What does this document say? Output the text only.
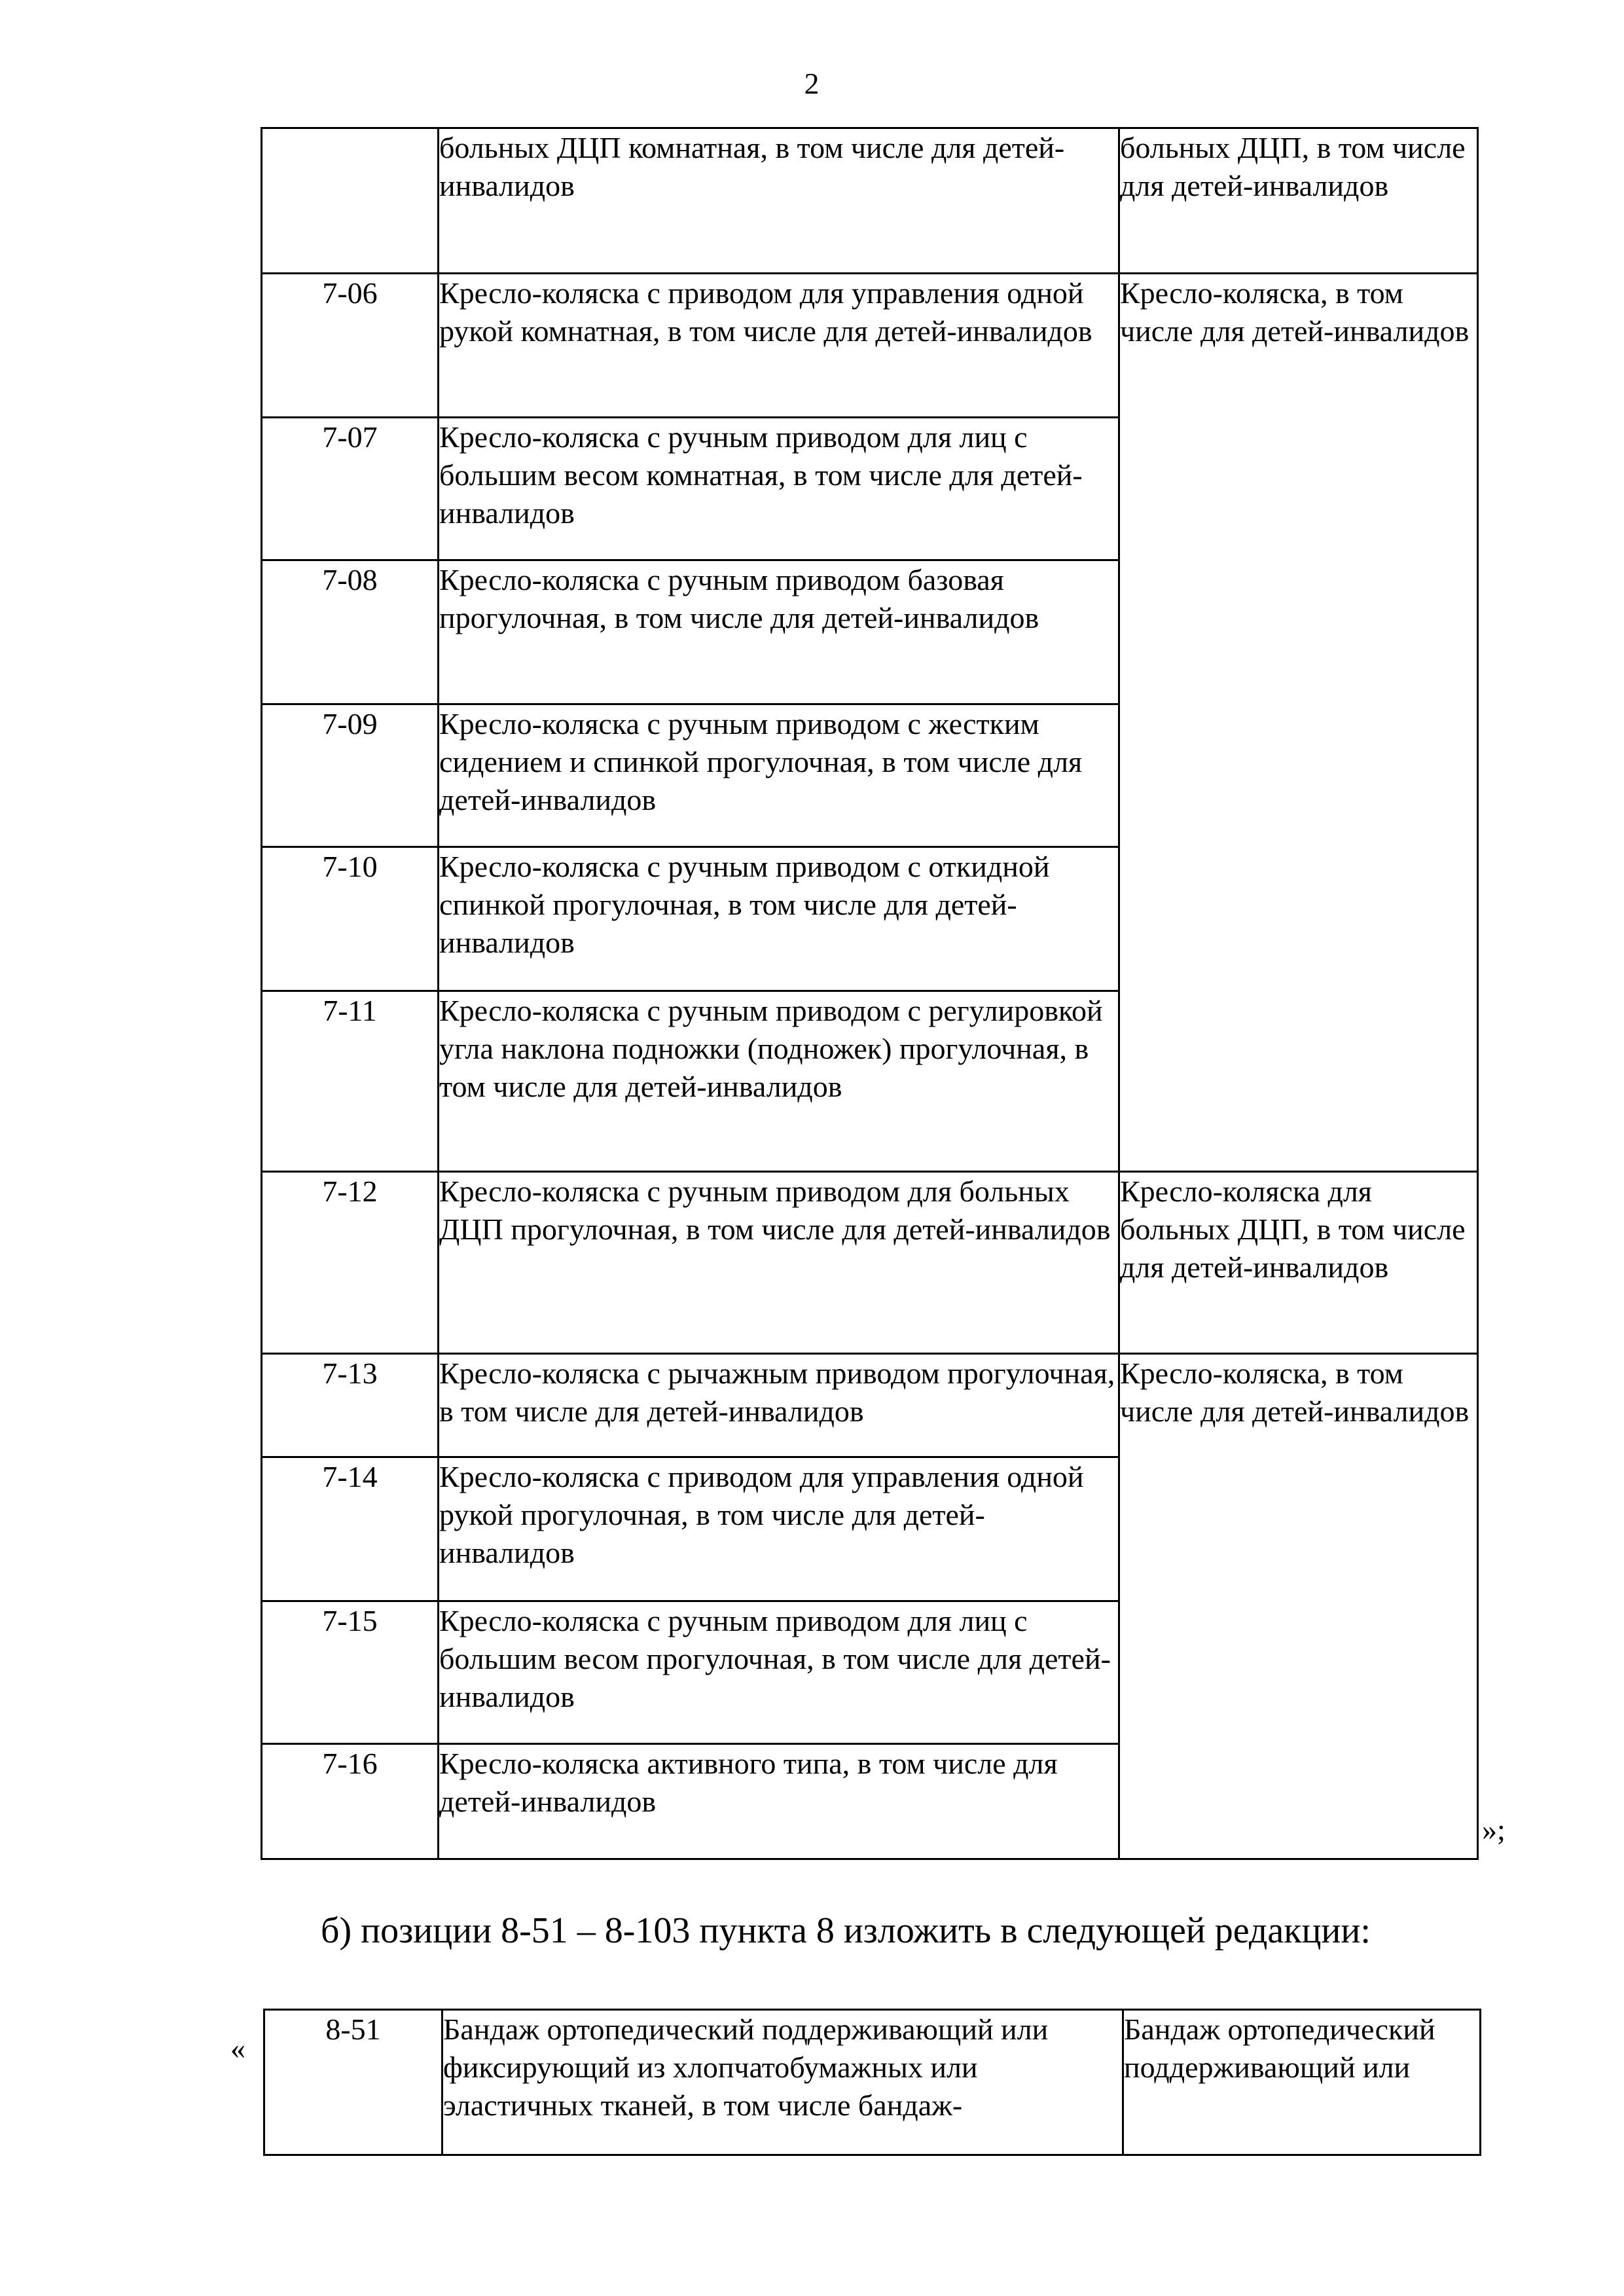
2
	больных ДЦП комнатная, в том числе для детей-инвалидов	больных ДЦП, в том числе для детей-инвалидов
7-06	Кресло-коляска с приводом для управления одной рукой комнатная, в том числе для детей-инвалидов	Кресло-коляска, в том числе для детей-инвалидов
7-07	Кресло-коляска с ручным приводом для лиц с большим весом комнатная, в том числе для детей-инвалидов	
7-08	Кресло-коляска с ручным приводом базовая прогулочная, в том числе для детей-инвалидов	
7-09	Кресло-коляска с ручным приводом с жестким сидением и спинкой прогулочная, в том числе для детей-инвалидов	
7-10	Кресло-коляска с ручным приводом с откидной спинкой прогулочная, в том числе для детей-инвалидов	
7-11	Кресло-коляска с ручным приводом с регулировкой угла наклона подножки (подножек) прогулочная, в том числе для детей-инвалидов	
7-12	Кресло-коляска с ручным приводом для больных ДЦП прогулочная, в том числе для детей-инвалидов	Кресло-коляска для больных ДЦП, в том числе для детей-инвалидов
7-13	Кресло-коляска с рычажным приводом прогулочная, в том числе для детей-инвалидов	Кресло-коляска, в том числе для детей-инвалидов
7-14	Кресло-коляска с приводом для управления одной рукой прогулочная, в том числе для детей-инвалидов	
7-15	Кресло-коляска с ручным приводом для лиц с большим весом прогулочная, в том числе для детей-инвалидов	
7-16	Кресло-коляска активного типа, в том числе для детей-инвалидов	
»;
б) позиции 8-51 – 8-103 пункта 8 изложить в следующей редакции:
«
8-51	Бандаж ортопедический поддерживающий или фиксирующий из хлопчатобумажных или эластичных тканей, в том числе бандаж-	Бандаж ортопедический поддерживающий или
